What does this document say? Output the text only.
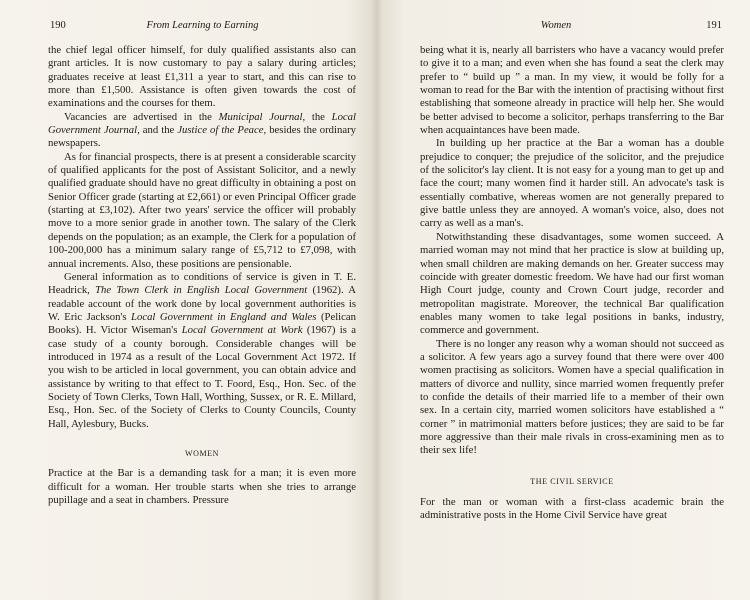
190	From Learning to Earning

the chief legal officer himself, for duly qualified assistants also can grant articles. It is now customary to pay a salary during articles; graduates receive at least £1,311 a year to start, and this can rise to more than £1,500. Assistance is often given towards the cost of examinations and the courses for them.

Vacancies are advertised in the Municipal Journal, the Local Government Journal, and the Justice of the Peace, besides the ordinary newspapers.

As for financial prospects, there is at present a considerable scarcity of qualified applicants for the post of Assistant Solicitor, and a newly qualified graduate should have no great difficulty in obtaining a post on Senior Officer grade (starting at £2,661) or even Principal Officer grade (starting at £3,102). After two years' service the officer will probably move to a more senior grade in another town. The salary of the Clerk depends on the population; as an example, the Clerk for a population of 100-200,000 has a minimum salary range of £5,712 to £7,098, with annual increments. Also, these positions are pensionable.

General information as to conditions of service is given in T. E. Headrick, The Town Clerk in English Local Government (1962). A readable account of the work done by local government authorities is W. Eric Jackson's Local Government in England and Wales (Pelican Books). H. Victor Wiseman's Local Government at Work (1967) is a case study of a county borough. Considerable changes will be introduced in 1974 as a result of the Local Government Act 1972. If you wish to be articled in local government, you can obtain advice and assistance by writing to that effect to T. Foord, Esq., Hon. Sec. of the Society of Town Clerks, Town Hall, Worthing, Sussex, or R. E. Millard, Esq., Hon. Sec. of the Society of Clerks to County Councils, County Hall, Aylesbury, Bucks.

WOMEN

Practice at the Bar is a demanding task for a man; it is even more difficult for a woman. Her trouble starts when she tries to arrange pupillage and a seat in chambers. Pressure

Women	191

being what it is, nearly all barristers who have a vacancy would prefer to give it to a man; and even when she has found a seat the clerk may prefer to “ build up ” a man. In my view, it would be folly for a woman to read for the Bar with the intention of practising without first establishing that someone already in practice will help her. She would be better advised to become a solicitor, perhaps transferring to the Bar when acquaintances have been made.

In building up her practice at the Bar a woman has a double prejudice to conquer; the prejudice of the solicitor, and the prejudice of the solicitor's lay client. It is not easy for a young man to get up and face the court; many women find it harder still. An advocate's task is essentially combative, whereas women are not generally prepared to give battle unless they are annoyed. A woman's voice, also, does not carry as well as a man's.

Notwithstanding these disadvantages, some women succeed. A married woman may not mind that her practice is slow at building up, when small children are making demands on her. Greater success may coincide with greater domestic freedom. We have had our first woman High Court judge, county and Crown Court judge, recorder and metropolitan magistrate. Moreover, the technical Bar qualification enables many women to take legal positions in banks, industry, commerce and government.

There is no longer any reason why a woman should not succeed as a solicitor. A few years ago a survey found that there were over 400 women practising as solicitors. Women have a special qualification in matters of divorce and nullity, since married women frequently prefer to confide the details of their married life to a member of their own sex. In a certain city, married women solicitors have established a “ corner ” in matrimonial matters before justices; they are said to be far more aggressive than their male rivals in cross-examining men as to their sex life!

THE CIVIL SERVICE

For the man or woman with a first-class academic brain the administrative posts in the Home Civil Service have great
